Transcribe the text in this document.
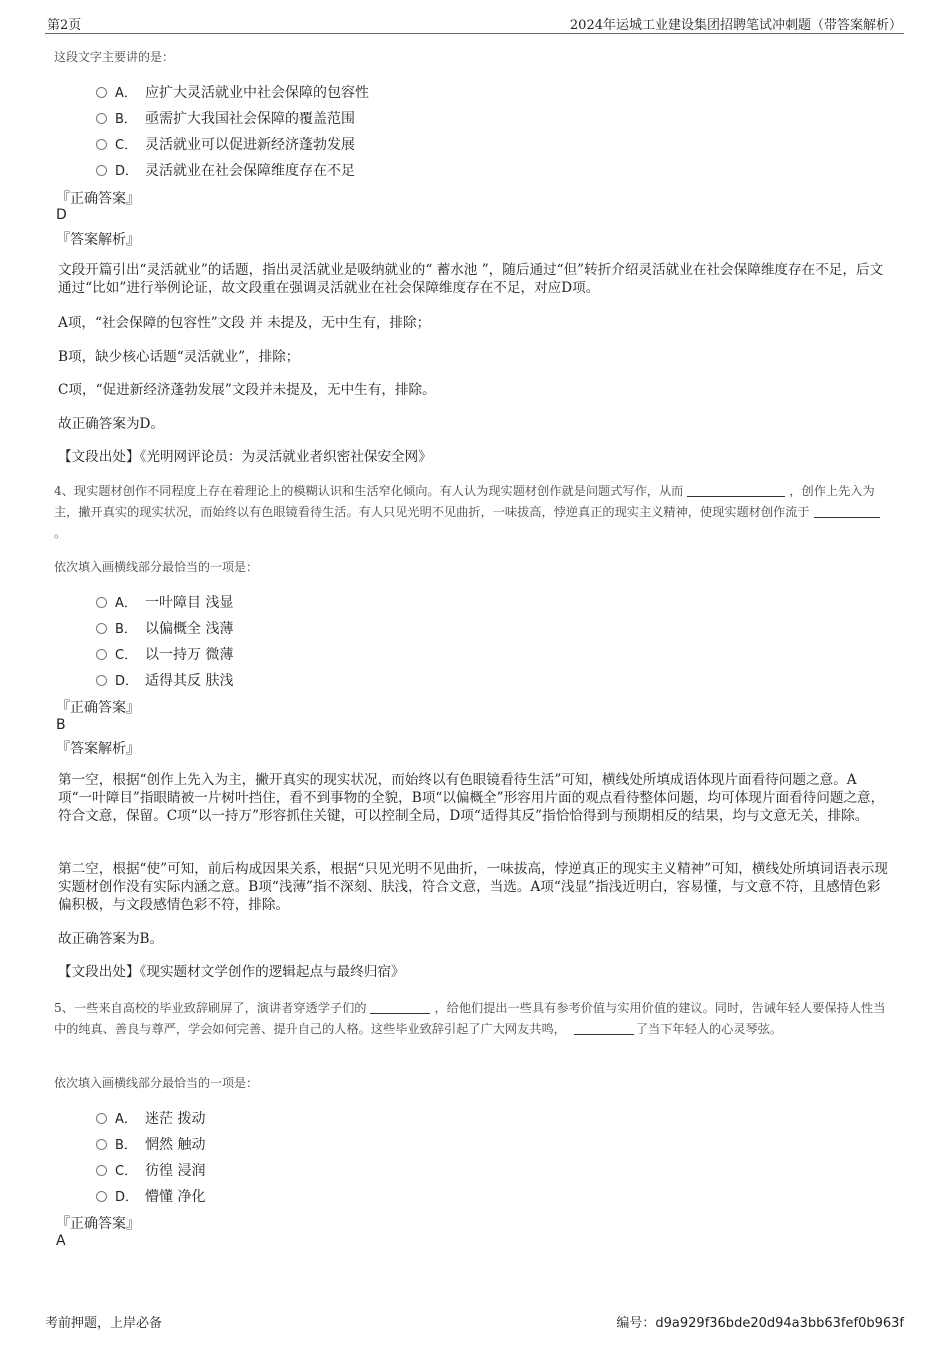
第2页	2024年运城工业建设集团招聘笔试冲刺题（带答案解析）
这段文字主要讲的是：
A． 应扩大灵活就业中社会保障的包容性
B． 亟需扩大我国社会保障的覆盖范围
C． 灵活就业可以促进新经济蓬勃发展
D． 灵活就业在社会保障维度存在不足
『正确答案』
D
『答案解析』
文段开篇引出“灵活就业”的话题，指出灵活就业是吸纳就业的“ 蓄水池 ”，随后通过“但”转折介绍灵活就业在社会保障维度存在不足，后文通过“比如”进行举例论证，故文段重在强调灵活就业在社会保障维度存在不足，对应D项。
A项，“社会保障的包容性”文段 并 未提及，无中生有，排除；
B项，缺少核心话题“灵活就业”，排除；
C项，“促进新经济蓬勃发展”文段并未提及，无中生有，排除。
故正确答案为D。
【文段出处】《光明网评论员：为灵活就业者织密社保安全网》
4、现实题材创作不同程度上存在着理论上的模糊认识和生活窄化倾向。有人认为现实题材创作就是问题式写作，从而	，创作上先入为主，撇开真实的现实状况，而始终以有色眼镜看待生活。有人只见光明不见曲折，一味拔高，悖逆真正的现实主义精神，使现实题材创作流于。
依次填入画横线部分最恰当的一项是：
A． 一叶障目 浅显
B． 以偏概全 浅薄
C． 以一持万 微薄
D． 适得其反 肤浅
『正确答案』
B
『答案解析』
第一空，根据“创作上先入为主，撇开真实的现实状况，而始终以有色眼镜看待生活”可知，横线处所填成语体现片面看待问题之意。A项“一叶障目”指眼睛被一片树叶挡住，看不到事物的全貌，B项“以偏概全”形容用片面的观点看待整体问题，均可体现片面看待问题之意，符合文意，保留。C项“以一持万”形容抓住关键，可以控制全局，D项“适得其反”指恰恰得到与预期相反的结果，均与文意无关，排除。
第二空，根据“使”可知，前后构成因果关系，根据“只见光明不见曲折，一味拔高，悖逆真正的现实主义精神”可知，横线处所填词语表示现实题材创作没有实际内涵之意。B项“浅薄”指不深刻、肤浅，符合文意，当选。A项“浅显”指浅近明白，容易懂，与文意不符，且感情色彩偏积极，与文段感情色彩不符，排除。
故正确答案为B。
【文段出处】《现实题材文学创作的逻辑起点与最终归宿》
5、一些来自高校的毕业致辞刷屏了，演讲者穿透学子们的	，给他们提出一些具有参考价值与实用价值的建议。同时，告诫年轻人要保持人性当中的纯真、善良与尊严，学会如何完善、提升自己的人格。这些毕业致辞引起了广大网友共鸣，	了当下年轻人的心灵琴弦。
依次填入画横线部分最恰当的一项是：
A． 迷茫 拨动
B． 惘然 触动
C． 彷徨 浸润
D． 懵懂 净化
『正确答案』
A
考前押题，上岸必备	编号：d9a929f36bde20d94a3bb63fef0b963f
